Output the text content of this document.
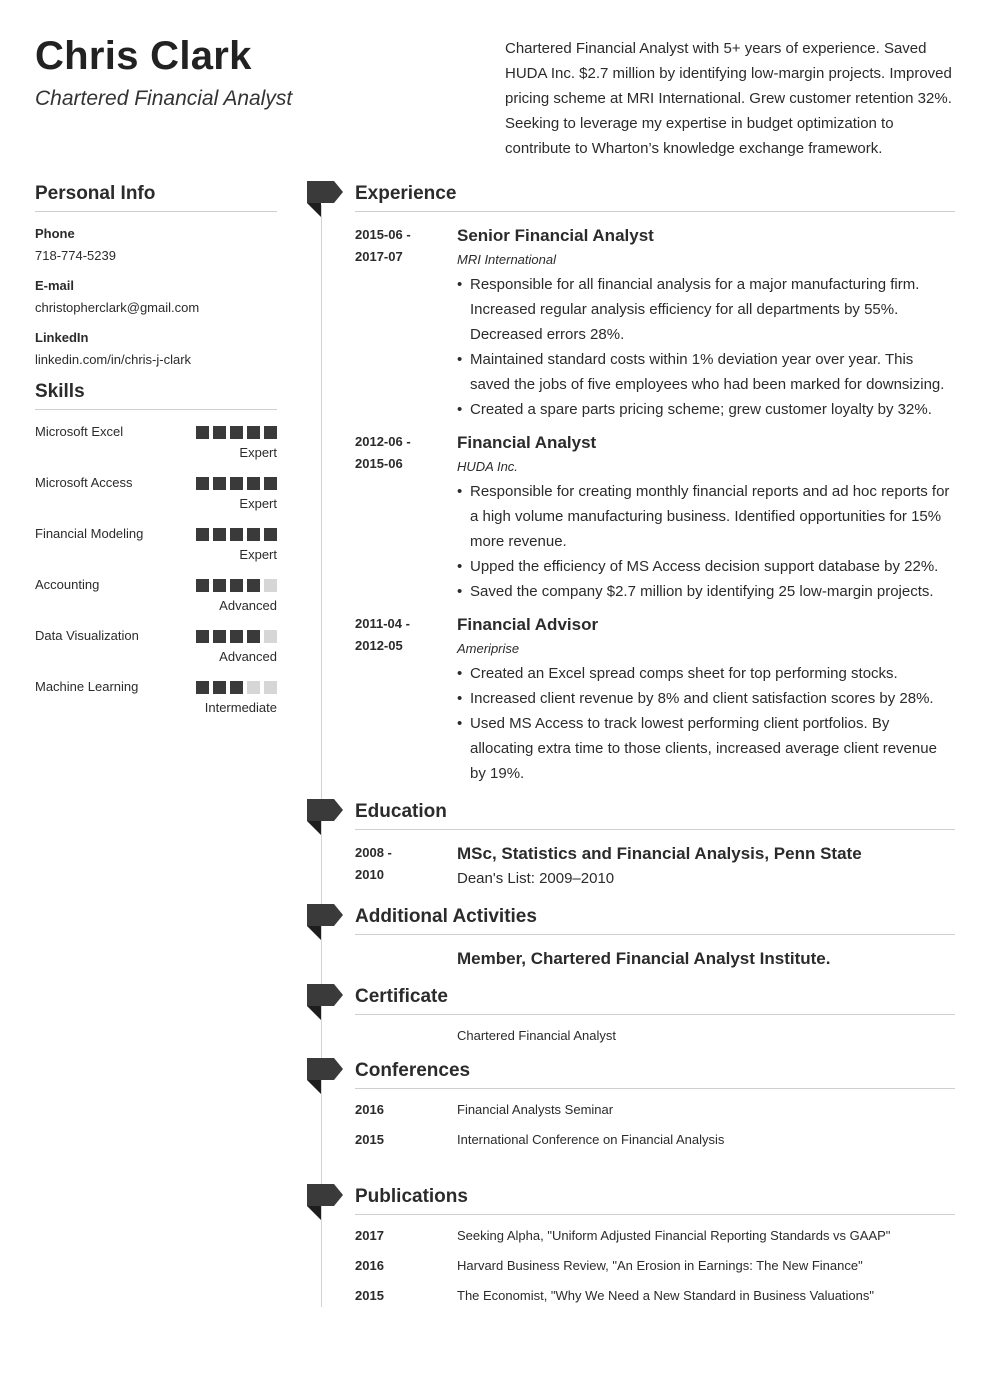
Chris Clark
Chartered Financial Analyst

Chartered Financial Analyst with 5+ years of experience. Saved HUDA Inc. $2.7 million by identifying low-margin projects. Improved pricing scheme at MRI International. Grew customer retention 32%. Seeking to leverage my expertise in budget optimization to contribute to Wharton’s knowledge exchange framework.

Personal Info
Phone
718-774-5239
E-mail
christopherclark@gmail.com
LinkedIn
linkedin.com/in/chris-j-clark
Skills
Microsoft Excel
Expert
Microsoft Access
Expert
Financial Modeling
Expert
Accounting
Advanced
Data Visualization
Advanced
Machine Learning
Intermediate
Experience
2015-06 -
2017-07
Senior Financial Analyst
MRI International
• Responsible for all financial analysis for a major manufacturing firm. Increased regular analysis efficiency for all departments by 55%. Decreased errors 28%.
• Maintained standard costs within 1% deviation year over year. This saved the jobs of five employees who had been marked for downsizing.
• Created a spare parts pricing scheme; grew customer loyalty by 32%.
2012-06 -
2015-06
Financial Analyst
HUDA Inc.
• Responsible for creating monthly financial reports and ad hoc reports for a high volume manufacturing business. Identified opportunities for 15% more revenue.
• Upped the efficiency of MS Access decision support database by 22%.
• Saved the company $2.7 million by identifying 25 low-margin projects.
2011-04 -
2012-05
Financial Advisor
Ameriprise
• Created an Excel spread comps sheet for top performing stocks.
• Increased client revenue by 8% and client satisfaction scores by 28%.
• Used MS Access to track lowest performing client portfolios. By allocating extra time to those clients, increased average client revenue by 19%.
Education
2008 -
2010
MSc, Statistics and Financial Analysis, Penn State
Dean's List: 2009–2010
Additional Activities
Member, Chartered Financial Analyst Institute.
Certificate
Chartered Financial Analyst
Conferences
2016	Financial Analysts Seminar
2015	International Conference on Financial Analysis
Publications
2017	Seeking Alpha, "Uniform Adjusted Financial Reporting Standards vs GAAP"
2016	Harvard Business Review, "An Erosion in Earnings: The New Finance"
2015	The Economist, "Why We Need a New Standard in Business Valuations"
